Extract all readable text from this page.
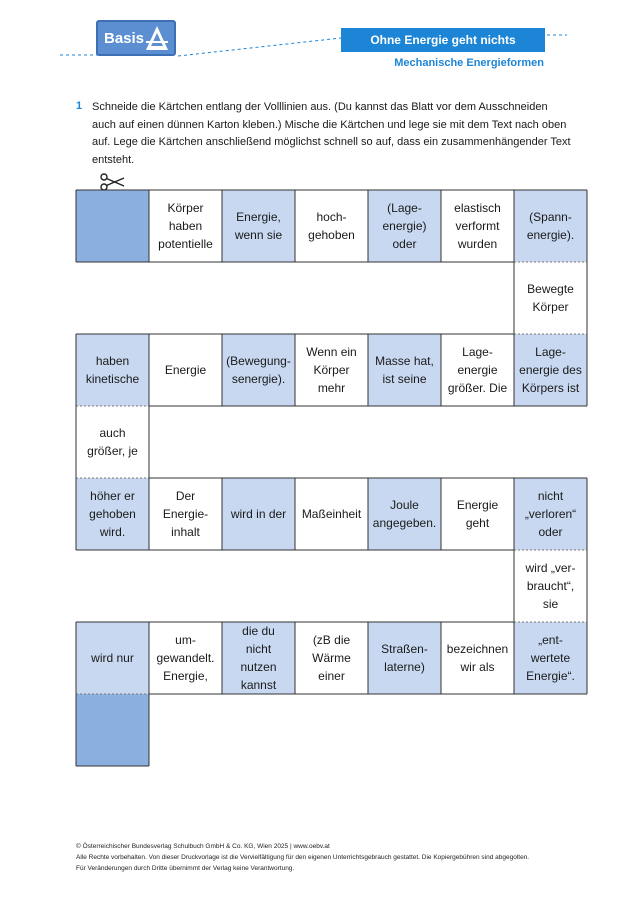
Basis	Ohne Energie geht nichts
Mechanische Energieformen
1 Schneide die Kärtchen entlang der Volllinien aus. (Du kannst das Blatt vor dem Ausschneiden auch auf einen dünnen Karton kleben.) Mische die Kärtchen und lege sie mit dem Text nach oben auf. Lege die Kärtchen anschließend möglichst schnell so auf, dass ein zusammenhängender Text entsteht.
Körper
haben
potentielle
Energie,
wenn sie
hoch-
gehoben
(Lage-
energie)
oder
elastisch
verformt
wurden
(Spann-
energie).
Bewegte
Körper
Lage-
energie des
Körpers ist
Lage-
energie
größer. Die
Masse hat,
ist seine
Wenn ein
Körper
mehr
(Bewegung-
senergie).
Energie
haben
kinetische
auch
größer, je
höher er
gehoben
wird.
Der
Energie-
inhalt
wird in der	Maßeinheit
Joule
angegeben.
Energie
geht
nicht
„verloren“
oder
wird „ver-
braucht“,
sie
„ent-
wertete
Energie“.
bezeichnen
wir als
Straßen-
laterne)
(zB die
Wärme
einer
die du
nicht
nutzen
kannst
um-
gewandelt.
Energie,
wird nur
© Österreichischer Bundesverlag Schulbuch GmbH & Co. KG, Wien 2025 | www.oebv.at
Alle Rechte vorbehalten. Von dieser Druckvorlage ist die Vervielfältigung für den eigenen Unterrichtsgebrauch gestattet. Die Kopiergebühren sind abgegolten.
Für Veränderungen durch Dritte übernimmt der Verlag keine Verantwortung.
